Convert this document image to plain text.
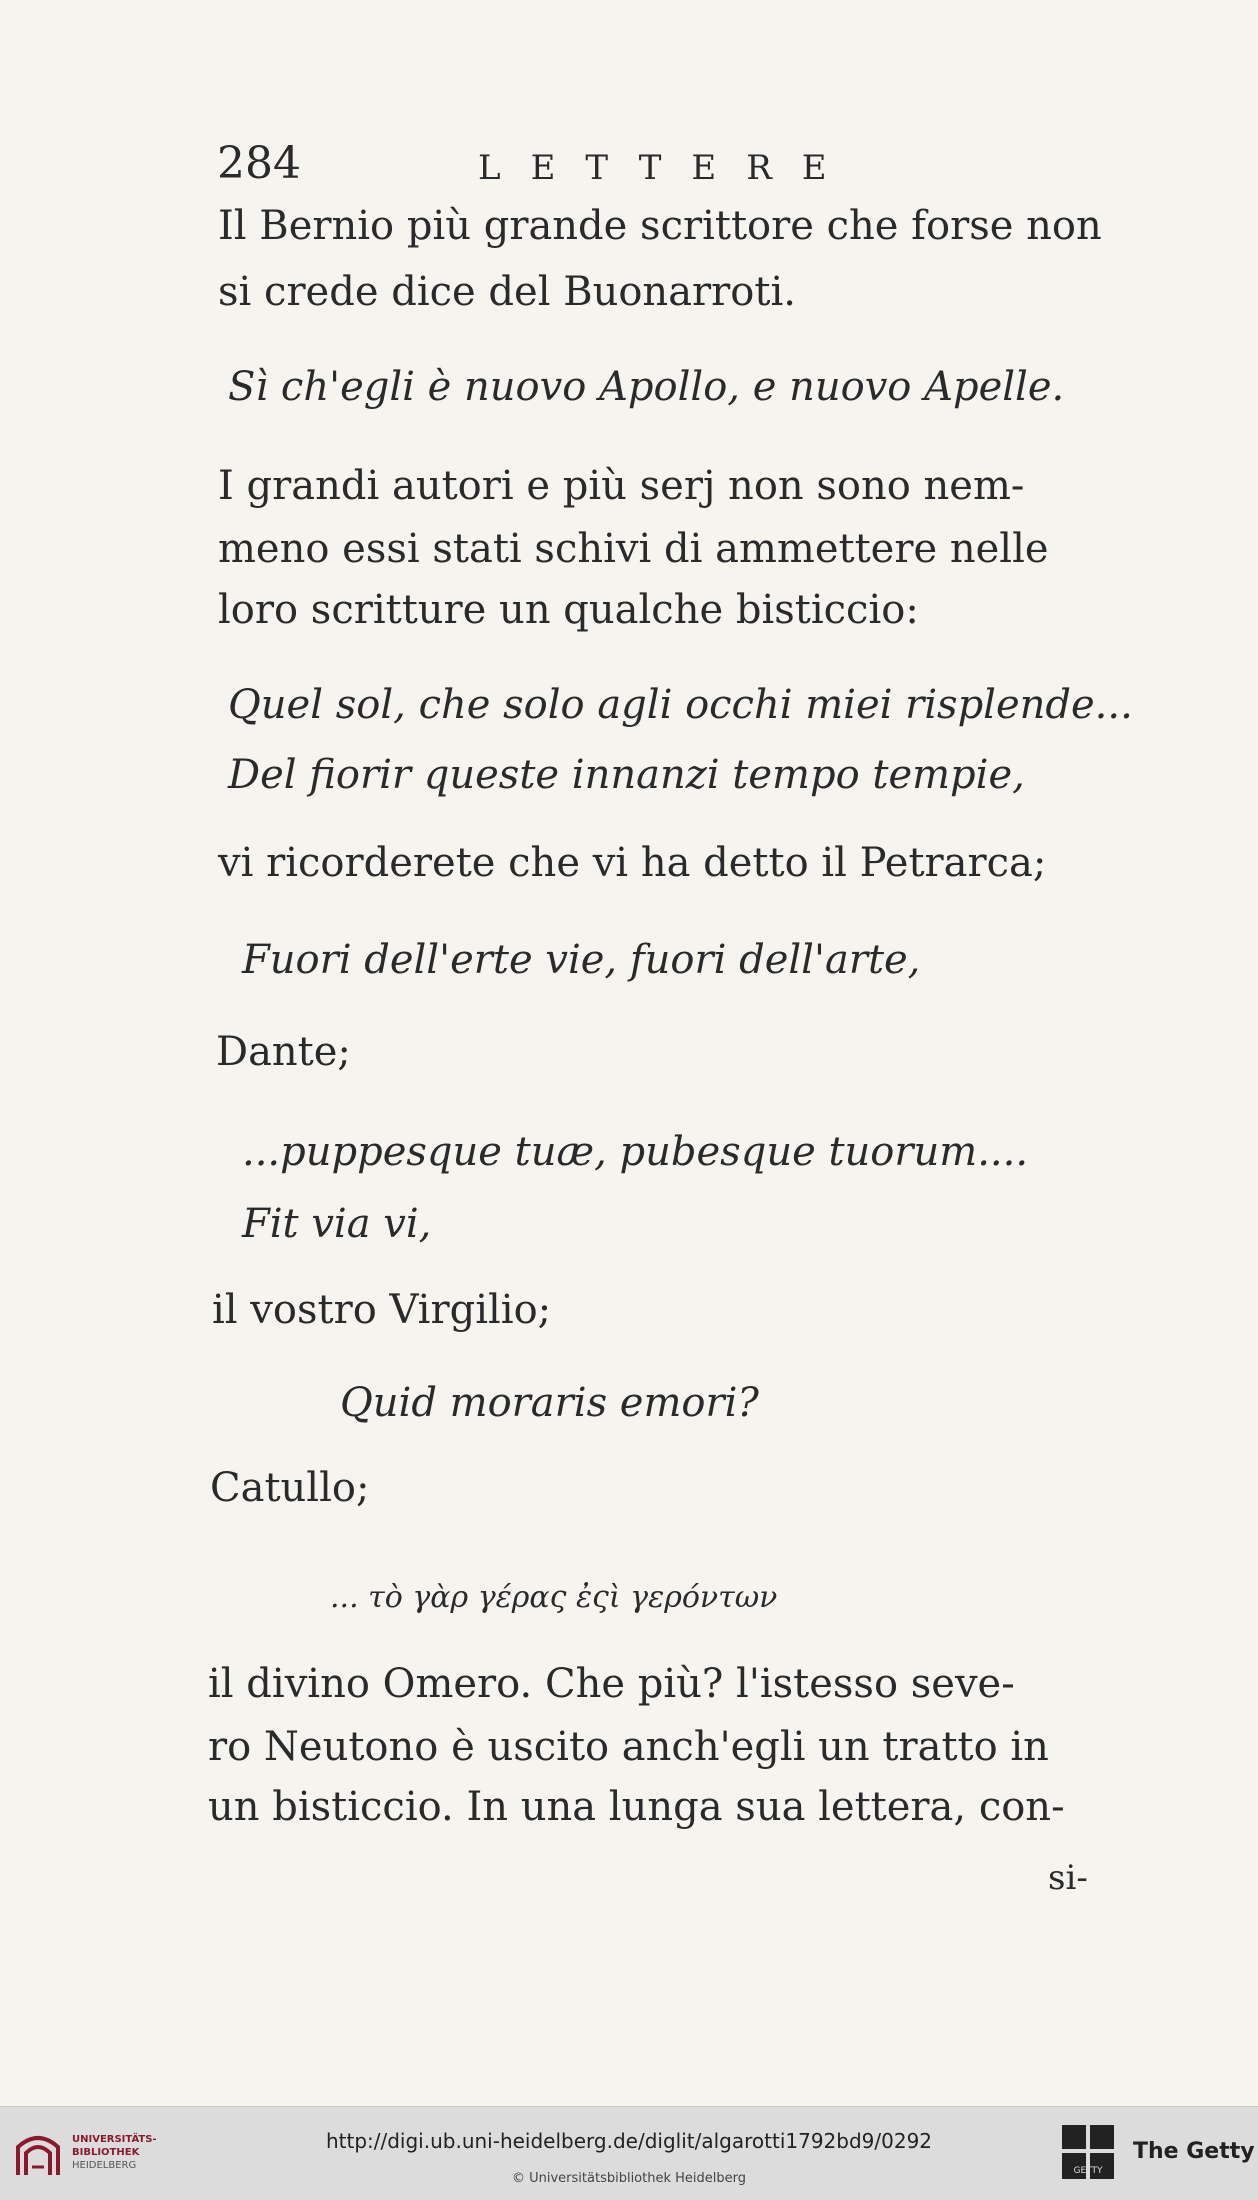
284	LETTERE
Il Bernio più grande scrittore che forse non
si crede dice del Buonarroti.
Sì ch'egli è nuovo Apollo, e nuovo Apelle.
I grandi autori e più serj non sono nem-
meno essi stati schivi di ammettere nelle
loro scritture un qualche bisticcio:
Quel sol, che solo agli occhi miei risplende...
Del fiorir queste innanzi tempo tempie,
vi ricorderete che vi ha detto il Petrarca;
Fuori dell'erte vie, fuori dell'arte,
Dante;
...puppesque tuæ, pubesque tuorum....
Fit via vi,
il vostro Virgilio;
Quid moraris emori?
Catullo;
... τὸ γὰρ γέρας ἐςὶ γερόντων
il divino Omero. Che più? l'istesso seve-
ro Neutono è uscito anch'egli un tratto in
un bisticcio. In una lunga sua lettera, con-
si-
UNIVERSITÄTS-
BIBLIOTHEK
HEIDELBERG
http://digi.ub.uni-heidelberg.de/diglit/algarotti1792bd9/0292
© Universitätsbibliothek Heidelberg	GETTY
The Getty
